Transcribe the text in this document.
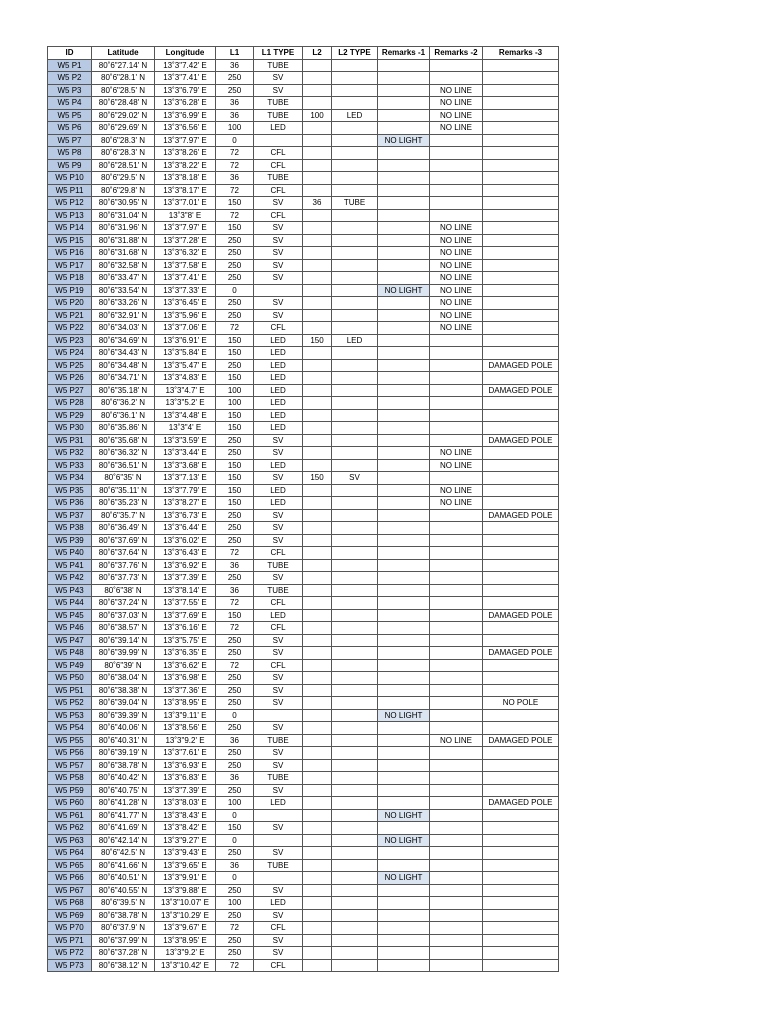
ID	Latitude	Longitude	L1	L1 TYPE	L2	L2 TYPE	Remarks -1	Remarks -2	Remarks -3
W5 P1	80˚6"27.14' N	13˚3"7.42' E	36	TUBE					
W5 P2	80˚6"28.1' N	13˚3"7.41' E	250	SV					
W5 P3	80˚6"28.5' N	13˚3"6.79' E	250	SV				NO LINE	
W5 P4	80˚6"28.48' N	13˚3"6.28' E	36	TUBE				NO LINE	
W5 P5	80˚6"29.02' N	13˚3"6.99' E	36	TUBE	100	LED		NO LINE	
W5 P6	80˚6"29.69' N	13˚3"6.56' E	100	LED				NO LINE	
W5 P7	80˚6"28.3' N	13˚3"7.97' E	0				NO LIGHT		
W5 P8	80˚6"28.3' N	13˚3"8.26' E	72	CFL					
W5 P9	80˚6"28.51' N	13˚3"8.22' E	72	CFL					
W5 P10	80˚6"29.5' N	13˚3"8.18' E	36	TUBE					
W5 P11	80˚6"29.8' N	13˚3"8.17' E	72	CFL					
W5 P12	80˚6"30.95' N	13˚3"7.01' E	150	SV	36	TUBE			
W5 P13	80˚6"31.04' N	13˚3"8' E	72	CFL					
W5 P14	80˚6"31.96' N	13˚3"7.97' E	150	SV				NO LINE	
W5 P15	80˚6"31.88' N	13˚3"7.28' E	250	SV				NO LINE	
W5 P16	80˚6"31.68' N	13˚3"6.32' E	250	SV				NO LINE	
W5 P17	80˚6"32.58' N	13˚3"7.58' E	250	SV				NO LINE	
W5 P18	80˚6"33.47' N	13˚3"7.41' E	250	SV				NO LINE	
W5 P19	80˚6"33.54' N	13˚3"7.33' E	0				NO LIGHT	NO LINE	
W5 P20	80˚6"33.26' N	13˚3"6.45' E	250	SV				NO LINE	
W5 P21	80˚6"32.91' N	13˚3"5.96' E	250	SV				NO LINE	
W5 P22	80˚6"34.03' N	13˚3"7.06' E	72	CFL				NO LINE	
W5 P23	80˚6"34.69' N	13˚3"6.91' E	150	LED	150	LED			
W5 P24	80˚6"34.43' N	13˚3"5.84' E	150	LED					
W5 P25	80˚6"34.48' N	13˚3"5.47' E	250	LED					DAMAGED POLE
W5 P26	80˚6"34.71' N	13˚3"4.83' E	150	LED					
W5 P27	80˚6"35.18' N	13˚3"4.7' E	100	LED					DAMAGED POLE
W5 P28	80˚6"36.2' N	13˚3"5.2' E	100	LED					
W5 P29	80˚6"36.1' N	13˚3"4.48' E	150	LED					
W5 P30	80˚6"35.86' N	13˚3"4' E	150	LED					
W5 P31	80˚6"35.68' N	13˚3"3.59' E	250	SV					DAMAGED POLE
W5 P32	80˚6"36.32' N	13˚3"3.44' E	250	SV				NO LINE	
W5 P33	80˚6"36.51' N	13˚3"3.68' E	150	LED				NO LINE	
W5 P34	80˚6"35' N	13˚3"7.13' E	150	SV	150	SV			
W5 P35	80˚6"35.11' N	13˚3"7.79' E	150	LED				NO LINE	
W5 P36	80˚6"35.23' N	13˚3"8.27' E	150	LED				NO LINE	
W5 P37	80˚6"35.7' N	13˚3"6.73' E	250	SV					DAMAGED POLE
W5 P38	80˚6"36.49' N	13˚3"6.44' E	250	SV					
W5 P39	80˚6"37.69' N	13˚3"6.02' E	250	SV					
W5 P40	80˚6"37.64' N	13˚3"6.43' E	72	CFL					
W5 P41	80˚6"37.76' N	13˚3"6.92' E	36	TUBE					
W5 P42	80˚6"37.73' N	13˚3"7.39' E	250	SV					
W5 P43	80˚6"38' N	13˚3"8.14' E	36	TUBE					
W5 P44	80˚6"37.24' N	13˚3"7.55' E	72	CFL					
W5 P45	80˚6"37.03' N	13˚3"7.69' E	150	LED					DAMAGED POLE
W5 P46	80˚6"38.57' N	13˚3"6.16' E	72	CFL					
W5 P47	80˚6"39.14' N	13˚3"5.75' E	250	SV					
W5 P48	80˚6"39.99' N	13˚3"6.35' E	250	SV					DAMAGED POLE
W5 P49	80˚6"39' N	13˚3"6.62' E	72	CFL					
W5 P50	80˚6"38.04' N	13˚3"6.98' E	250	SV					
W5 P51	80˚6"38.38' N	13˚3"7.36' E	250	SV					
W5 P52	80˚6"39.04' N	13˚3"8.95' E	250	SV					NO POLE
W5 P53	80˚6"39.39' N	13˚3"9.11' E	0				NO LIGHT		
W5 P54	80˚6"40.06' N	13˚3"8.56' E	250	SV					
W5 P55	80˚6"40.31' N	13˚3"9.2' E	36	TUBE				NO LINE	DAMAGED POLE
W5 P56	80˚6"39.19' N	13˚3"7.61' E	250	SV					
W5 P57	80˚6"38.78' N	13˚3"6.93' E	250	SV					
W5 P58	80˚6"40.42' N	13˚3"6.83' E	36	TUBE					
W5 P59	80˚6"40.75' N	13˚3"7.39' E	250	SV					
W5 P60	80˚6"41.28' N	13˚3"8.03' E	100	LED					DAMAGED POLE
W5 P61	80˚6"41.77' N	13˚3"8.43' E	0				NO LIGHT		
W5 P62	80˚6"41.69' N	13˚3"8.42' E	150	SV					
W5 P63	80˚6"42.14' N	13˚3"9.27' E	0				NO LIGHT		
W5 P64	80˚6"42.5' N	13˚3"9.43' E	250	SV					
W5 P65	80˚6"41.66' N	13˚3"9.65' E	36	TUBE					
W5 P66	80˚6"40.51' N	13˚3"9.91' E	0				NO LIGHT		
W5 P67	80˚6"40.55' N	13˚3"9.88' E	250	SV					
W5 P68	80˚6"39.5' N	13˚3"10.07' E	100	LED					
W5 P69	80˚6"38.78' N	13˚3"10.29' E	250	SV					
W5 P70	80˚6"37.9' N	13˚3"9.67' E	72	CFL					
W5 P71	80˚6"37.99' N	13˚3"8.95' E	250	SV					
W5 P72	80˚6"37.28' N	13˚3"9.2' E	250	SV					
W5 P73	80˚6"38.12' N	13˚3"10.42' E	72	CFL					
